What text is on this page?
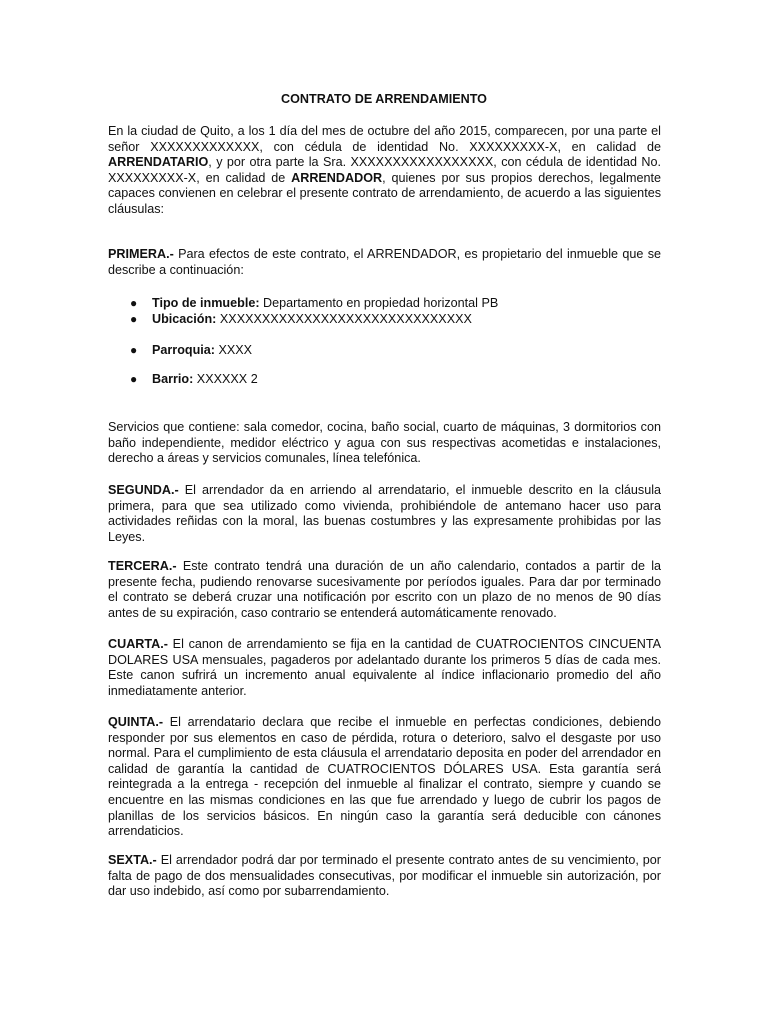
CONTRATO DE ARRENDAMIENTO

En la ciudad de Quito, a los 1 día del mes de octubre del año 2015, comparecen, por una parte el señor XXXXXXXXXXXXX, con cédula de identidad No. XXXXXXXXX-X, en calidad de ARRENDATARIO, y por otra parte la Sra. XXXXXXXXXXXXXXXXX, con cédula de identidad No. XXXXXXXXX-X, en calidad de ARRENDADOR, quienes por sus propios derechos, legalmente capaces convienen en celebrar el presente contrato de arrendamiento, de acuerdo a las siguientes cláusulas:

PRIMERA.- Para efectos de este contrato, el ARRENDADOR, es propietario del inmueble que se describe a continuación:

● Tipo de inmueble: Departamento en propiedad horizontal PB

● Ubicación: XXXXXXXXXXXXXXXXXXXXXXXXXXXXXX

● Parroquia: XXXX

● Barrio: XXXXXX 2

Servicios que contiene: sala comedor, cocina, baño social, cuarto de máquinas, 3 dormitorios con baño independiente, medidor eléctrico y agua con sus respectivas acometidas e instalaciones, derecho a áreas y servicios comunales, línea telefónica.

SEGUNDA.- El arrendador da en arriendo al arrendatario, el inmueble descrito en la cláusula primera, para que sea utilizado como vivienda, prohibiéndole de antemano hacer uso para actividades reñidas con la moral, las buenas costumbres y las expresamente prohibidas por las Leyes.

TERCERA.- Este contrato tendrá una duración de un año calendario, contados a partir de la presente fecha, pudiendo renovarse sucesivamente por períodos iguales. Para dar por terminado el contrato se deberá cruzar una notificación por escrito con un plazo de no menos de 90 días antes de su expiración, caso contrario se entenderá automáticamente renovado.

CUARTA.- El canon de arrendamiento se fija en la cantidad de CUATROCIENTOS CINCUENTA DOLARES USA mensuales, pagaderos por adelantado durante los primeros 5 días de cada mes. Este canon sufrirá un incremento anual equivalente al índice inflacionario promedio del año inmediatamente anterior.

QUINTA.- El arrendatario declara que recibe el inmueble en perfectas condiciones, debiendo responder por sus elementos en caso de pérdida, rotura o deterioro, salvo el desgaste por uso normal. Para el cumplimiento de esta cláusula el arrendatario deposita en poder del arrendador en calidad de garantía la cantidad de CUATROCIENTOS DÓLARES USA. Esta garantía será reintegrada a la entrega - recepción del inmueble al finalizar el contrato, siempre y cuando se encuentre en las mismas condiciones en las que fue arrendado y luego de cubrir los pagos de planillas de los servicios básicos. En ningún caso la garantía será deducible con cánones arrendaticios.

SEXTA.- El arrendador podrá dar por terminado el presente contrato antes de su vencimiento, por falta de pago de dos mensualidades consecutivas, por modificar el inmueble sin autorización, por dar uso indebido, así como por subarrendamiento.
